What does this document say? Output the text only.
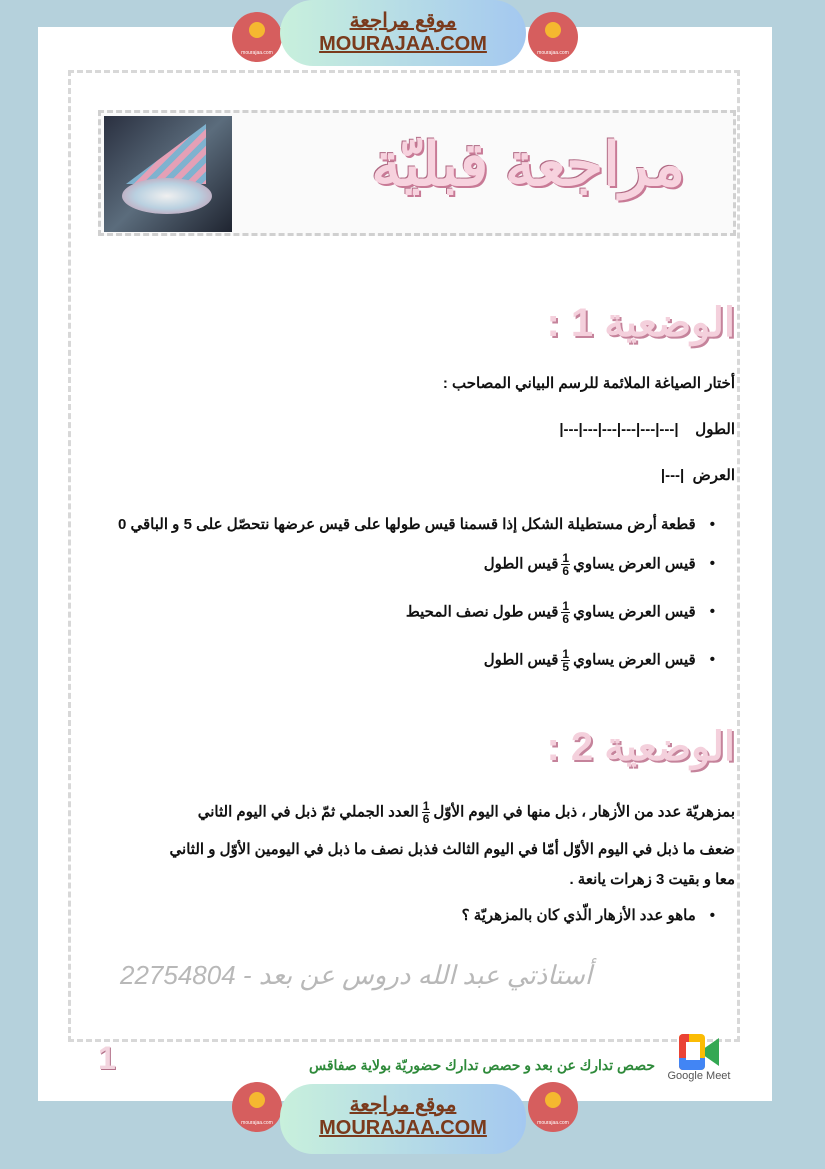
mourajaa.com
موقع مراجعة
MOURAJAA.COM	mourajaa.com
مراجعة قبليّة
الوضعية 1 :
أختار الصياغة الملائمة للرسم البياني المصاحب :
الطول    |---|---|---|---|---|---|
العرض  |---|
• قطعة أرض مستطيلة الشكل إذا قسمنا قيس طولها على قيس عرضها نتحصّل على 5 و الباقي 0
• قيس العرض يساوي
$\frac{1}{6}$
قيس الطول
• قيس العرض يساوي
$\frac{1}{6}$
قيس طول نصف المحيط
• قيس العرض يساوي
$\frac{1}{5}$
قيس الطول
الوضعية 2 :
بمزهريّة عدد من الأزهار ، ذبل منها في اليوم الأوّل
$\frac{1}{6}$
العدد الجملي ثمّ ذبل في اليوم الثاني
ضعف ما ذبل في اليوم الأوّل أمّا في اليوم الثالث فذبل نصف ما ذبل في اليومين الأوّل و الثاني
معا و بقيت 3 زهرات يانعة .
• ماهو عدد الأزهار الّذي كان بالمزهريّة ؟
أستاذتي عبد الله دروس عن بعد - 22754804
1	حصص تدارك عن بعد و حصص تدارك حضوريّة بولاية صفاقس
Google Meet
mourajaa.com
موقع مراجعة
MOURAJAA.COM	mourajaa.com
